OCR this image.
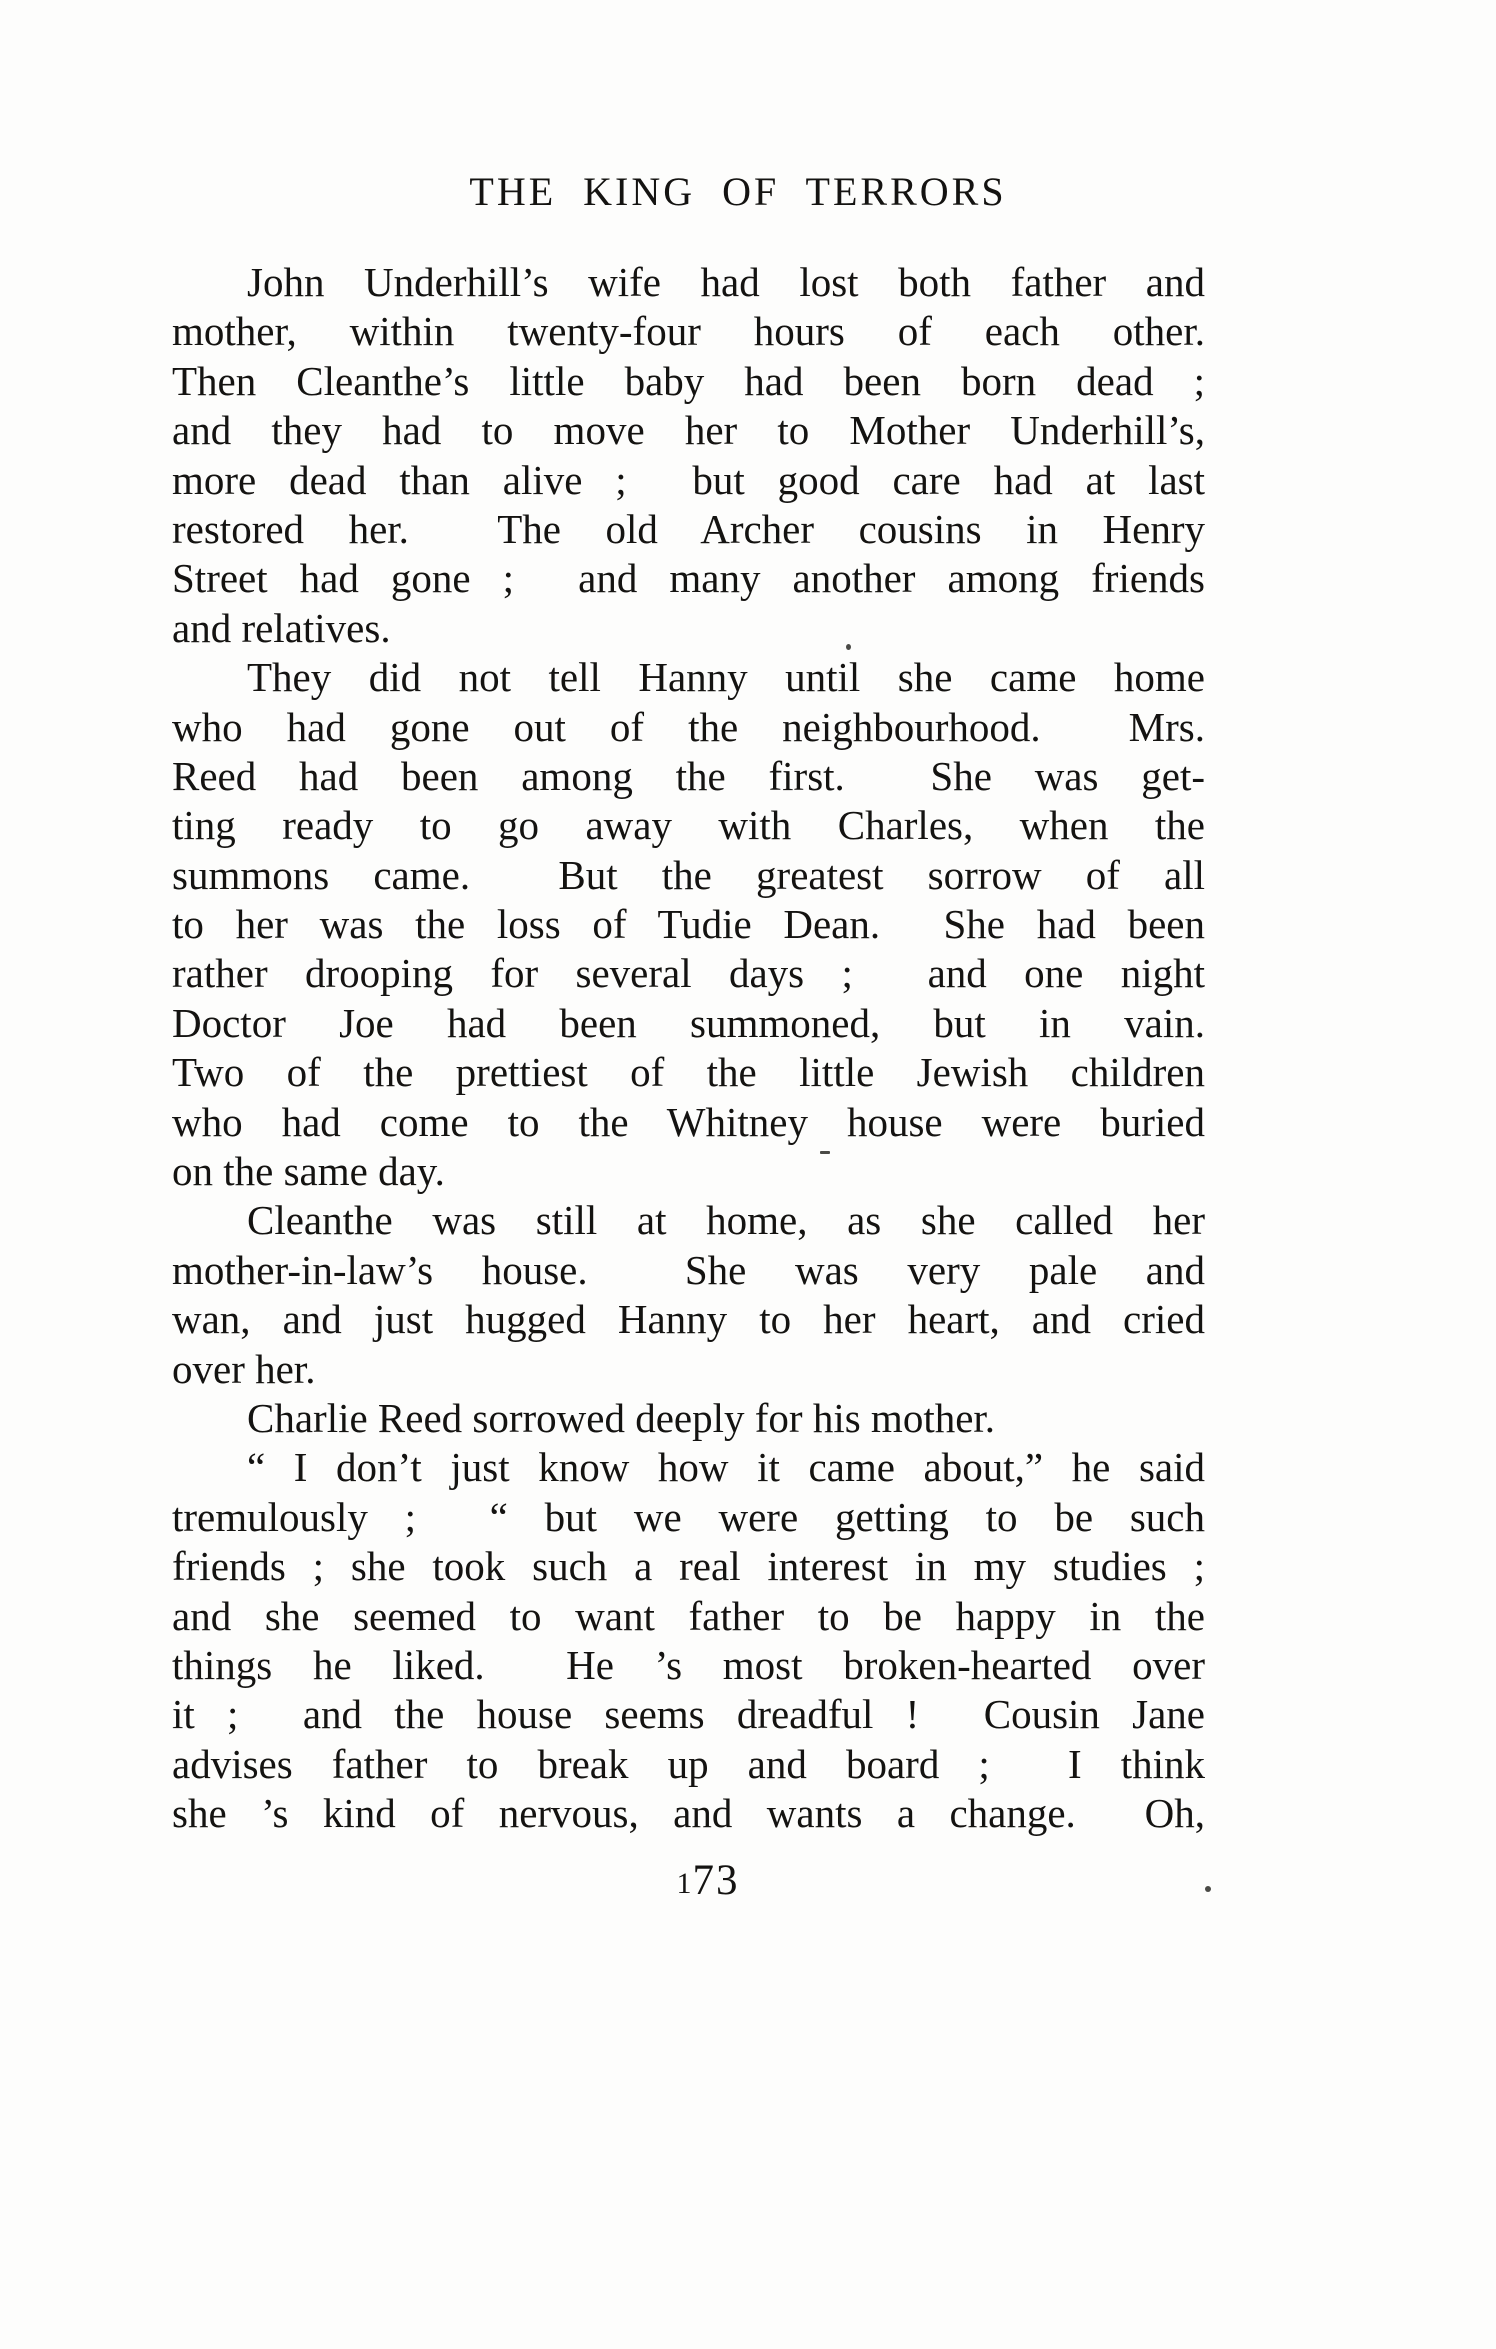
THE KING OF TERRORS
John Underhill’s wife had lost both father and
mother, within twenty-four hours of each other.
Then Cleanthe’s little baby had been born dead ;
and they had to move her to Mother Underhill’s,
more dead than alive ;  but good care had at last
restored her.  The old Archer cousins in Henry
Street had gone ;  and many another among friends
and relatives.
They did not tell Hanny until she came home
who had gone out of the neighbourhood.  Mrs.
Reed had been among the first.  She was get-
ting ready to go away with Charles, when the
summons came.  But the greatest sorrow of all
to her was the loss of Tudie Dean.  She had been
rather drooping for several days ;  and one night
Doctor Joe had been summoned, but in vain.
Two of the prettiest of the little Jewish children
who had come to the Whitney house were buried
on the same day.
Cleanthe was still at home, as she called her
mother-in-law’s house.  She was very pale and
wan, and just hugged Hanny to her heart, and cried
over her.
Charlie Reed sorrowed deeply for his mother.
“ I don’t just know how it came about,” he said
tremulously ;  “ but we were getting to be such
friends ; she took such a real interest in my studies ;
and she seemed to want father to be happy in the
things he liked.  He ’s most broken-hearted over
it ;  and the house seems dreadful !  Cousin Jane
advises father to break up and board ;  I think
she ’s kind of nervous, and wants a change.  Oh,
173
